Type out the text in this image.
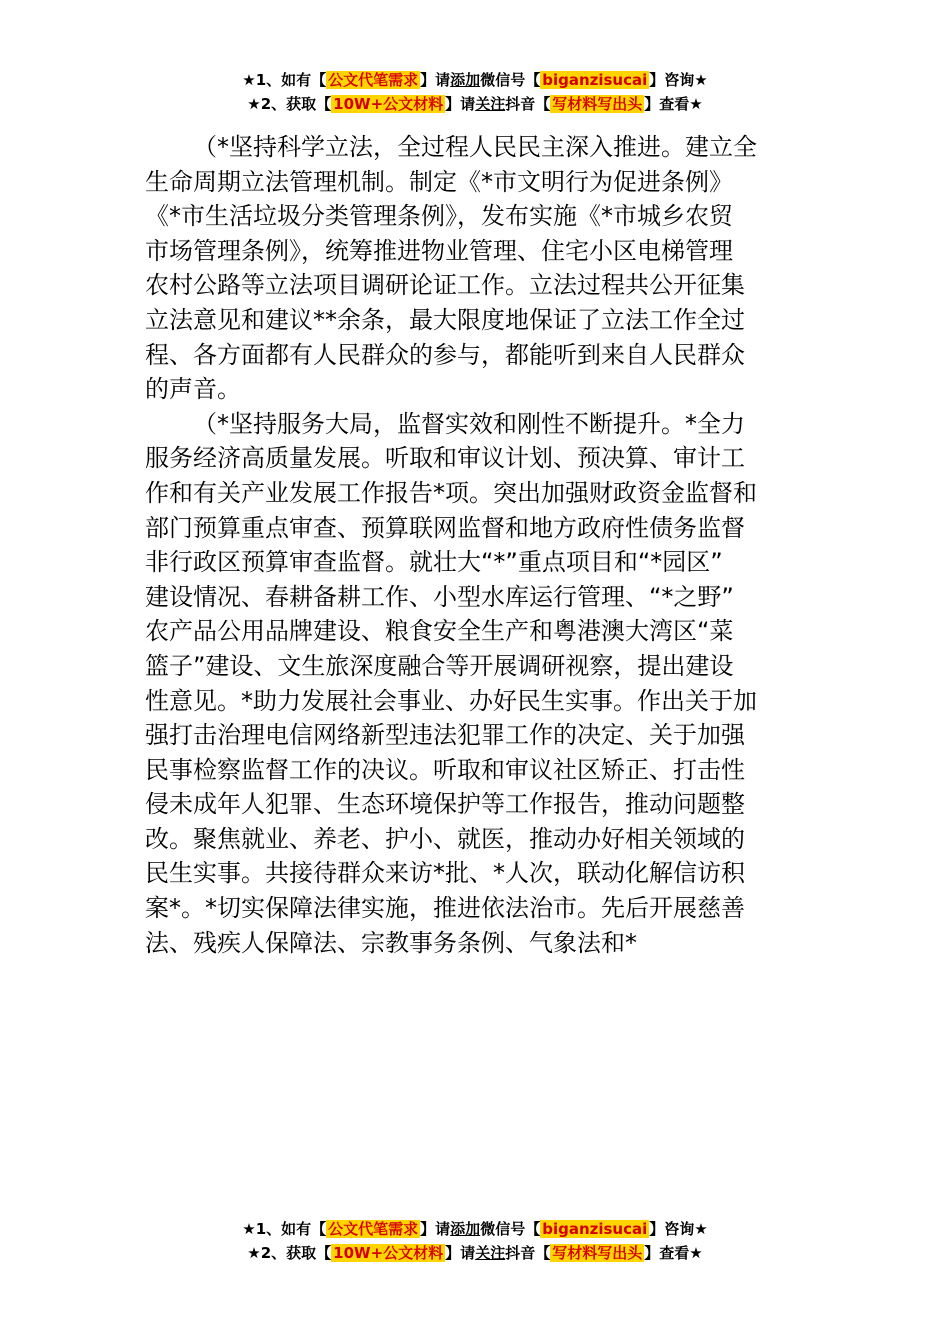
★1、如有【 公文代笔需求 】请添加微信号【 biganzisucai 】咨询★
★2、获取【 10W+公文材料 】请关注抖音【 写材料写出头 】查看★
（*坚持科学立法，全过程人民民主深入推进。建立全
生命周期立法管理机制。制定《*市文明行为促进条例》
《*市生活垃圾分类管理条例》，发布实施《*市城乡农贸
市场管理条例》，统筹推进物业管理、住宅小区电梯管理
农村公路等立法项目调研论证工作。立法过程共公开征集
立法意见和建议**余条，最大限度地保证了立法工作全过
程、各方面都有人民群众的参与，都能听到来自人民群众
的声音。
（*坚持服务大局，监督实效和刚性不断提升。*全力
服务经济高质量发展。听取和审议计划、预决算、审计工
作和有关产业发展工作报告*项。突出加强财政资金监督和
部门预算重点审查、预算联网监督和地方政府性债务监督
非行政区预算审查监督。就壮大“*”重点项目和“*园区”
建设情况、春耕备耕工作、小型水库运行管理、“*之野”
农产品公用品牌建设、粮食安全生产和粤港澳大湾区“菜
篮子”建设、文生旅深度融合等开展调研视察，提出建设
性意见。*助力发展社会事业、办好民生实事。作出关于加
强打击治理电信网络新型违法犯罪工作的决定、关于加强
民事检察监督工作的决议。听取和审议社区矫正、打击性
侵未成年人犯罪、生态环境保护等工作报告，推动问题整
改。聚焦就业、养老、护小、就医，推动办好相关领域的
民生实事。共接待群众来访*批、*人次，联动化解信访积
案*。*切实保障法律实施，推进依法治市。先后开展慈善
法、残疾人保障法、宗教事务条例、气象法和*
★1、如有【 公文代笔需求 】请添加微信号【 biganzisucai 】咨询★
★2、获取【 10W+公文材料 】请关注抖音【 写材料写出头 】查看★
